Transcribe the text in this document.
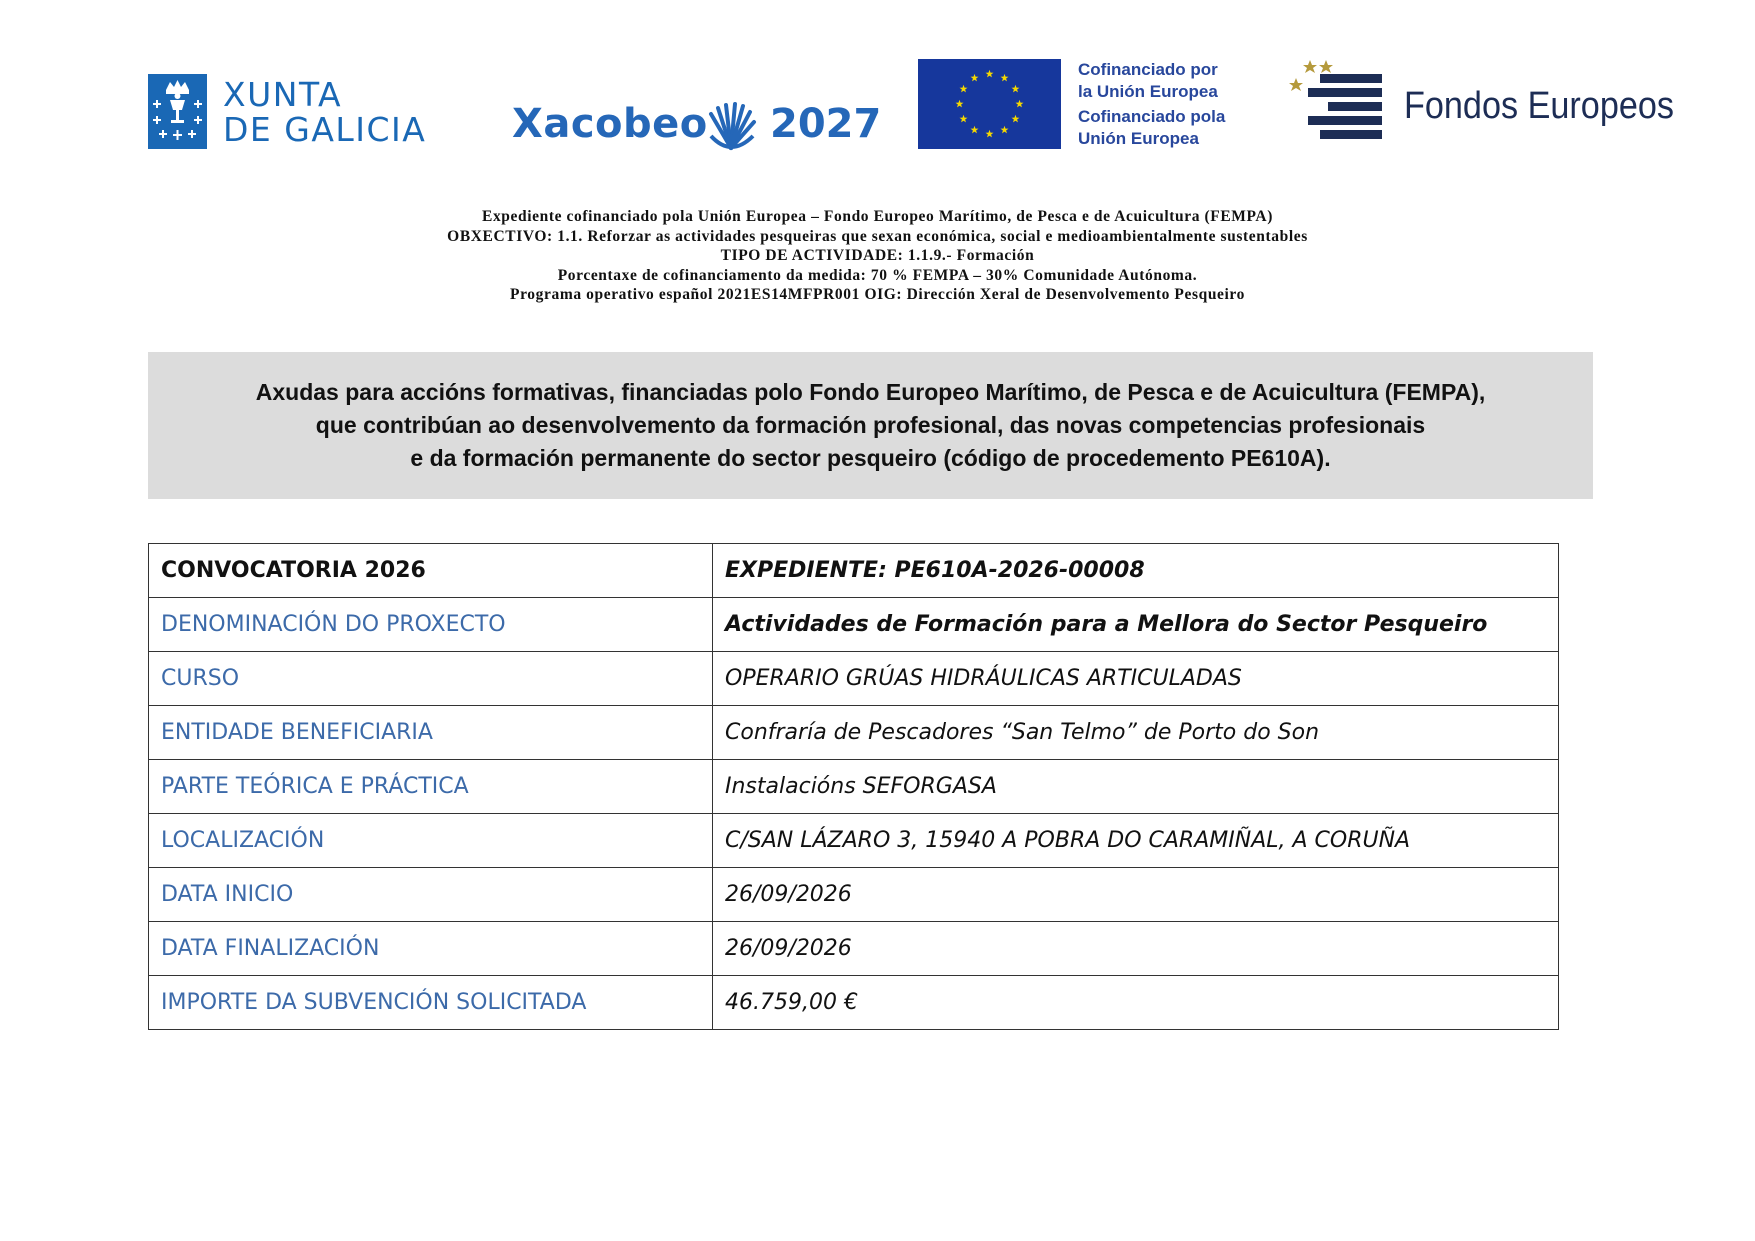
XUNTA
DE GALICIA Xacobeo 2027
Cofinanciado por
la Unión Europea
Cofinanciado pola
Unión Europea
Fondos Europeos
Expediente cofinanciado pola Unión Europea – Fondo Europeo Marítimo, de Pesca e de Acuicultura (FEMPA)
OBXECTIVO: 1.1. Reforzar as actividades pesqueiras que sexan económica, social e medioambientalmente sustentables
TIPO DE ACTIVIDADE: 1.1.9.- Formación
Porcentaxe de cofinanciamento da medida: 70 % FEMPA – 30% Comunidade Autónoma.
Programa operativo español 2021ES14MFPR001 OIG: Dirección Xeral de Desenvolvemento Pesqueiro
Axudas para accións formativas, financiadas polo Fondo Europeo Marítimo, de Pesca e de Acuicultura (FEMPA),
que contribúan ao desenvolvemento da formación profesional, das novas competencias profesionais
e da formación permanente do sector pesqueiro (código de procedemento PE610A).
CONVOCATORIA 2026	EXPEDIENTE: PE610A-2026-00008
DENOMINACIÓN DO PROXECTO	Actividades de Formación para a Mellora do Sector Pesqueiro
CURSO	OPERARIO GRÚAS HIDRÁULICAS ARTICULADAS
ENTIDADE BENEFICIARIA	Confraría de Pescadores “San Telmo” de Porto do Son
PARTE TEÓRICA E PRÁCTICA	Instalacións SEFORGASA
LOCALIZACIÓN	C/SAN LÁZARO 3, 15940 A POBRA DO CARAMIÑAL, A CORUÑA
DATA INICIO	26/09/2026
DATA FINALIZACIÓN	26/09/2026
IMPORTE DA SUBVENCIÓN SOLICITADA	46.759,00 €
